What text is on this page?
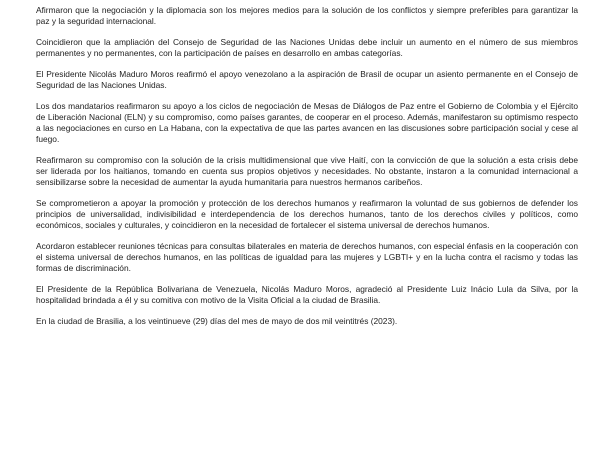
Afirmaron que la negociación y la diplomacia son los mejores medios para la solución de los conflictos y siempre preferibles para garantizar la paz y la seguridad internacional.

Coincidieron que la ampliación del Consejo de Seguridad de las Naciones Unidas debe incluir un aumento en el número de sus miembros permanentes y no permanentes, con la participación de países en desarrollo en ambas categorías.

El Presidente Nicolás Maduro Moros reafirmó el apoyo venezolano a la aspiración de Brasil de ocupar un asiento permanente en el Consejo de Seguridad de las Naciones Unidas.

Los dos mandatarios reafirmaron su apoyo a los ciclos de negociación de Mesas de Diálogos de Paz entre el Gobierno de Colombia y el Ejército de Liberación Nacional (ELN) y su compromiso, como países garantes, de cooperar en el proceso. Además, manifestaron su optimismo respecto a las negociaciones en curso en La Habana, con la expectativa de que las partes avancen en las discusiones sobre participación social y cese al fuego.

Reafirmaron su compromiso con la solución de la crisis multidimensional que vive Haití, con la convicción de que la solución a esta crisis debe ser liderada por los haitianos, tomando en cuenta sus propios objetivos y necesidades. No obstante, instaron a la comunidad internacional a sensibilizarse sobre la necesidad de aumentar la ayuda humanitaria para nuestros hermanos caribeños.

Se comprometieron a apoyar la promoción y protección de los derechos humanos y reafirmaron la voluntad de sus gobiernos de defender los principios de universalidad, indivisibilidad e interdependencia de los derechos humanos, tanto de los derechos civiles y políticos, como económicos, sociales y culturales, y coincidieron en la necesidad de fortalecer el sistema universal de derechos humanos.

Acordaron establecer reuniones técnicas para consultas bilaterales en materia de derechos humanos, con especial énfasis en la cooperación con el sistema universal de derechos humanos, en las políticas de igualdad para las mujeres y LGBTI+ y en la lucha contra el racismo y todas las formas de discriminación.

El Presidente de la República Bolivariana de Venezuela, Nicolás Maduro Moros, agradeció al Presidente Luiz Inácio Lula da Silva, por la hospitalidad brindada a él y su comitiva con motivo de la Visita Oficial a la ciudad de Brasilia.

En la ciudad de Brasilia, a los veintinueve (29) días del mes de mayo de dos mil veintitrés (2023).
